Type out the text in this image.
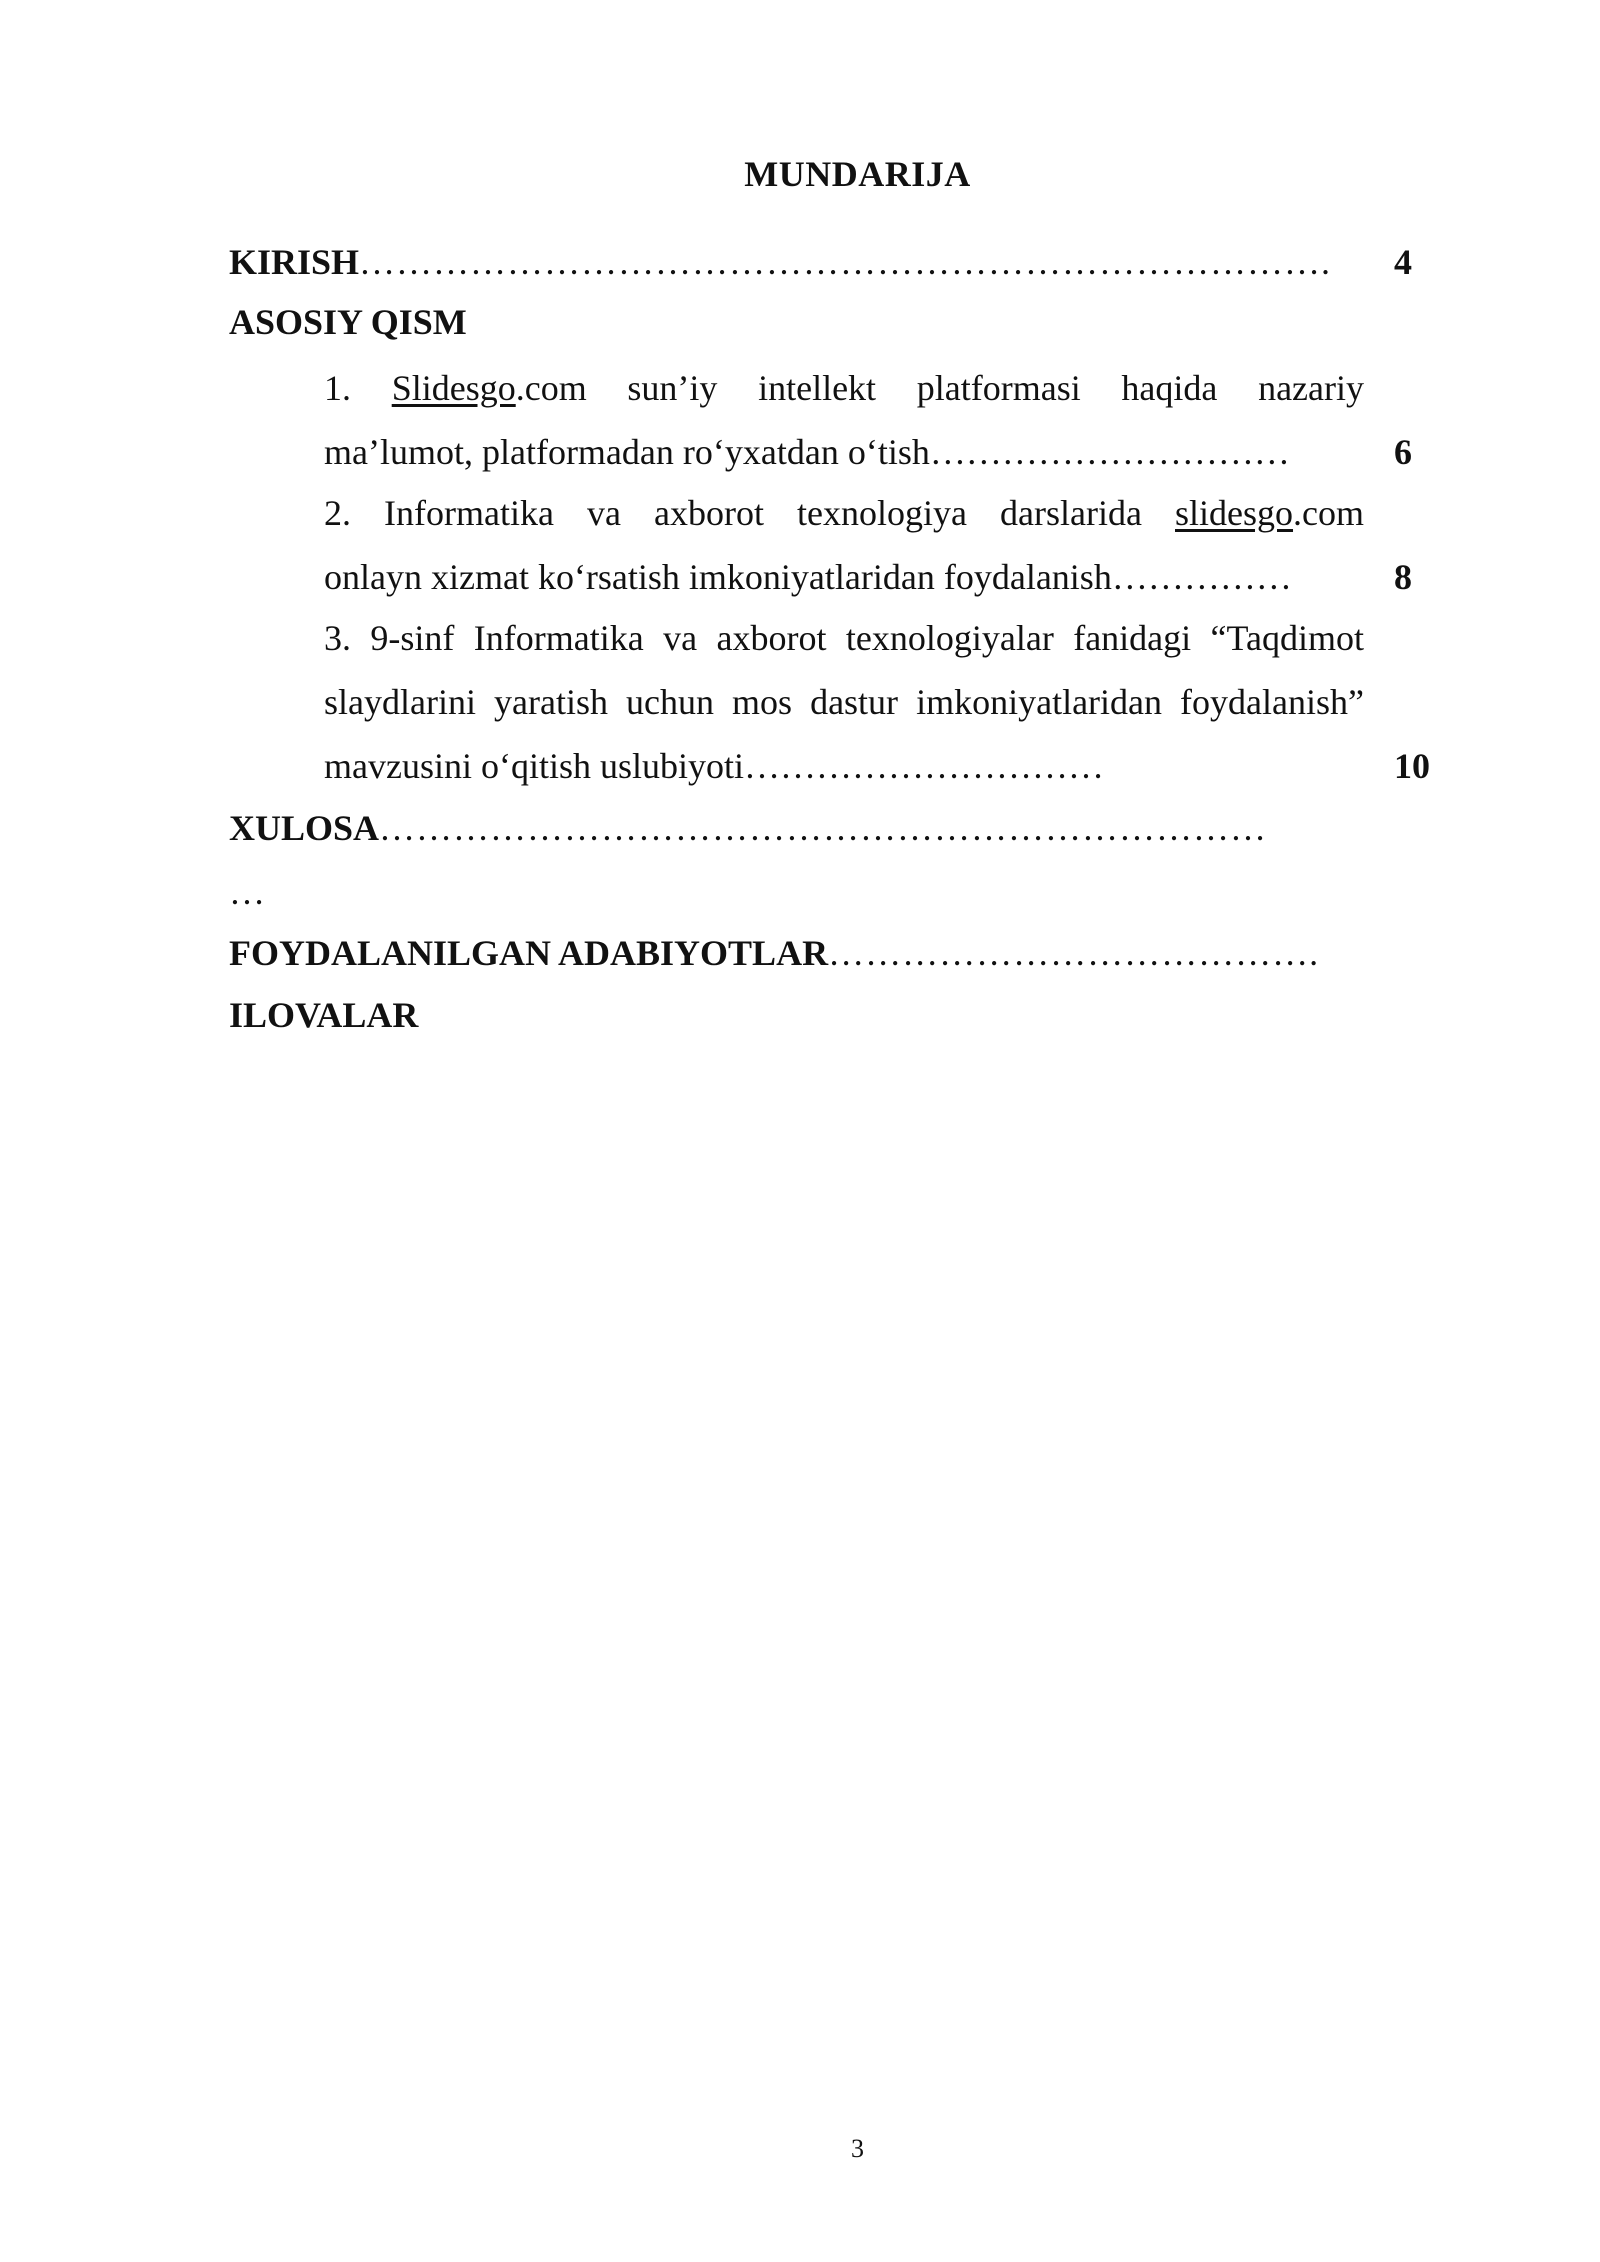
MUNDARIJA
KIRISH…………………………………………………………………….	4
ASOSIY QISM
1. Slidesgo.com sun’iy intellekt platformasi haqida nazariy
ma’lumot, platformadan ro‘yxatdan o‘tish…………………………	6
2. Informatika va axborot texnologiya darslarida slidesgo.com
onlayn xizmat ko‘rsatish imkoniyatlaridan foydalanish……………	8
3. 9-sinf Informatika va axborot texnologiyalar fanidagi “Taqdimot
slaydlarini yaratish uchun mos dastur imkoniyatlaridan foydalanish”
mavzusini o‘qitish uslubiyoti…………………………	10
XULOSA………………………………………………………………
…
FOYDALANILGAN ADABIYOTLAR………………………………….
ILOVALAR
3
